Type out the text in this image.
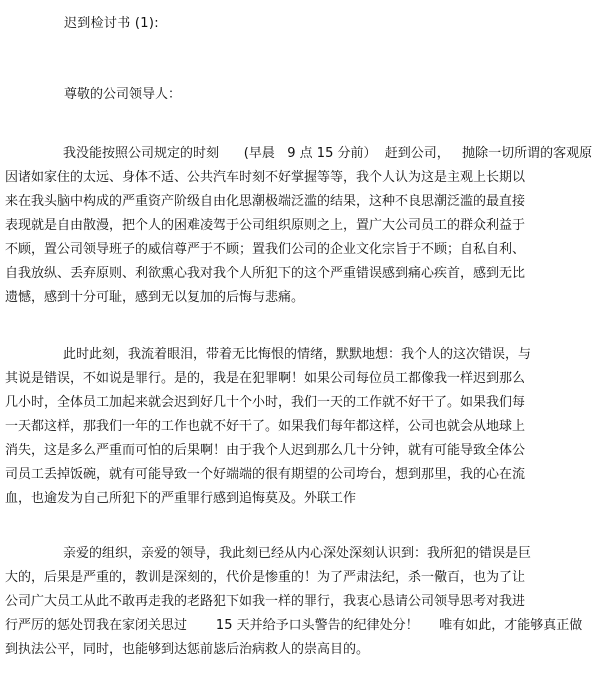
迟到检讨书 (1):
尊敬的公司领导人：
我没能按照公司规定的时刻      (早晨   9 点 15 分前）  赶到公司，   抛除一切所谓的客观原
因诸如家住的太远、身体不适、公共汽车时刻不好掌握等等，我个人认为这是主观上长期以
来在我头脑中构成的严重资产阶级自由化思潮极端泛滥的结果，这种不良思潮泛滥的最直接
表现就是自由散漫，把个人的困难凌驾于公司组织原则之上，置广大公司员工的群众利益于
不顾，置公司领导班子的威信尊严于不顾；置我们公司的企业文化宗旨于不顾；自私自利、
自我放纵、丢弃原则、利欲熏心我对我个人所犯下的这个严重错误感到痛心疾首，感到无比
遗憾，感到十分可耻，感到无以复加的后悔与悲痛。
此时此刻，我流着眼泪，带着无比悔恨的情绪，默默地想：我个人的这次错误，与
其说是错误，不如说是罪行。是的，我是在犯罪啊！如果公司每位员工都像我一样迟到那么
几小时，全体员工加起来就会迟到好几十个小时，我们一天的工作就不好干了。如果我们每
一天都这样，那我们一年的工作也就不好干了。如果我们每年都这样，公司也就会从地球上
消失，这是多么严重而可怕的后果啊！由于我个人迟到那么几十分钟，就有可能导致全体公
司员工丢掉饭碗，就有可能导致一个好端端的很有期望的公司垮台，想到那里，我的心在流
血，也逾发为自己所犯下的严重罪行感到追悔莫及。外联工作
亲爱的组织，亲爱的领导，我此刻已经从内心深处深刻认识到：我所犯的错误是巨
大的，后果是严重的，教训是深刻的，代价是惨重的！为了严肃法纪，杀一儆百，也为了让
公司广大员工从此不敢再走我的老路犯下如我一样的罪行，我衷心恳请公司领导思考对我进
行严厉的惩处罚我在家闭关思过       15 天并给予口头警告的纪律处分！     唯有如此，才能够真正做
到执法公平，同时，也能够到达惩前毖后治病救人的崇高目的。
